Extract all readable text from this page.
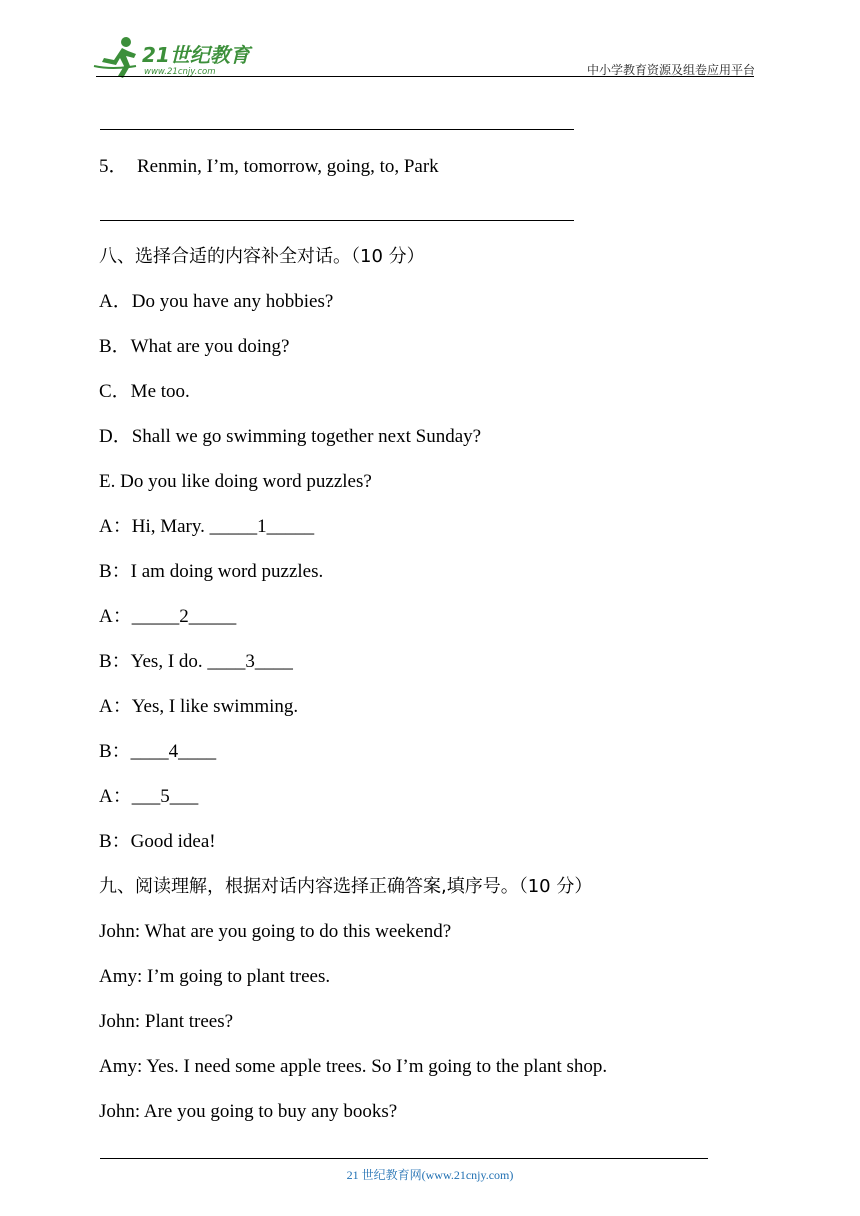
21世纪教育
www.21cnjy.com	中小学教育资源及组卷应用平台
5．  Renmin, I’m, tomorrow, going, to, Park
八、选择合适的内容补全对话。（10 分）
A．Do you have any hobbies?
B．What are you doing?
C．Me too.
D．Shall we go swimming together next Sunday?
E. Do you like doing word puzzles?
A：Hi, Mary. _____1_____
B：I am doing word puzzles.
A：_____2_____
B：Yes, I do. ____3____
A：Yes, I like swimming.
B：____4____
A：___5___
B：Good idea!
九、阅读理解，根据对话内容选择正确答案,填序号。（10 分）
John: What are you going to do this weekend?
Amy: I’m going to plant trees.
John: Plant trees?
Amy: Yes. I need some apple trees. So I’m going to the plant shop.
John: Are you going to buy any books?
21 世纪教育网(www.21cnjy.com)
